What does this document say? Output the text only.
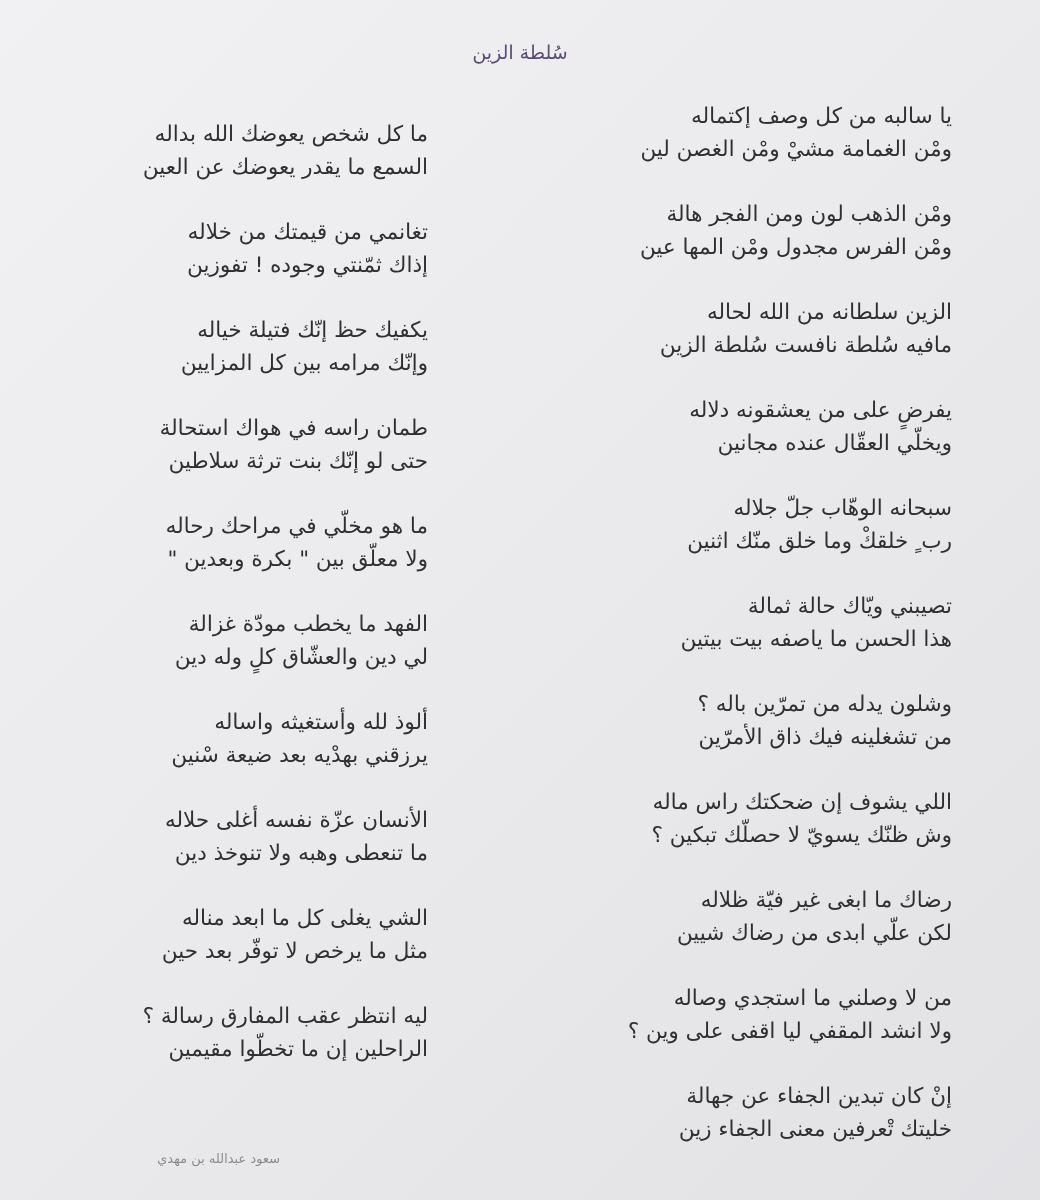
سُلطة الزين
يا سالبه من كل وصف إكتماله
ومْن الغمامة مشيْ ومْن الغصن لين
ومْن الذهب لون ومن الفجر هالة
ومْن الفرس مجدول ومْن المها عين
الزين سلطانه من الله لحاله
مافيه سُلطة نافست سُلطة الزين
يفرضٍ على من يعشقونه دلاله
ويخلّي العقّال عنده مجانين
سبحانه الوهّاب جلّ جلاله
رب ٍ خلقكْ وما خلق منّك اثنين
تصيبني ويّاك حالة ثمالة
هذا الحسن ما ياصفه بيت بيتين
وشلون يدله من تمرّين باله ؟
من تشغلينه فيك ذاق الأمرّين
اللي يشوف إن ضحكتك راس ماله
وش ظنّك يسويّ لا حصلّك تبكين ؟
رضاك ما ابغى غير فيّة ظلاله
لكن علّي ابدى من رضاك شيين
من لا وصلني ما استجدي وصاله
ولا انشد المقفي ليا اقفى على وين ؟
إنْ كان تبدين الجفاء عن جهالة
خليتك تْعرفين معنى الجفاء زين
ما كل شخص يعوضك الله بداله
السمع ما يقدر يعوضك عن العين
تغانمي من قيمتك من خلاله
إذاك ثمّنتي وجوده ! تفوزين
يكفيك حظ إنّك فتيلة خياله
وإنّك مرامه بين كل المزايين
طمان راسه في هواك استحالة
حتى لو إنّك بنت ترثة سلاطين
ما هو مخلّي في مراحك رحاله
ولا معلّق بين " بكرة وبعدين "
الفهد ما يخطب مودّة غزالة
لي دين والعشّاق كلٍ وله دين
ألوذ لله وأستغيثه واساله
يرزقني بهدْيه بعد ضيعة سْنين
الأنسان عزّة نفسه أغلى حلاله
ما تنعطى وهبه ولا تنوخذ دين
الشي يغلى كل ما ابعد مناله
مثل ما يرخص لا توفّر بعد حين
ليه انتظر عقب المفارق رسالة ؟
الراحلين إن ما تخطّوا مقيمين
سعود عبدالله بن مهدي
